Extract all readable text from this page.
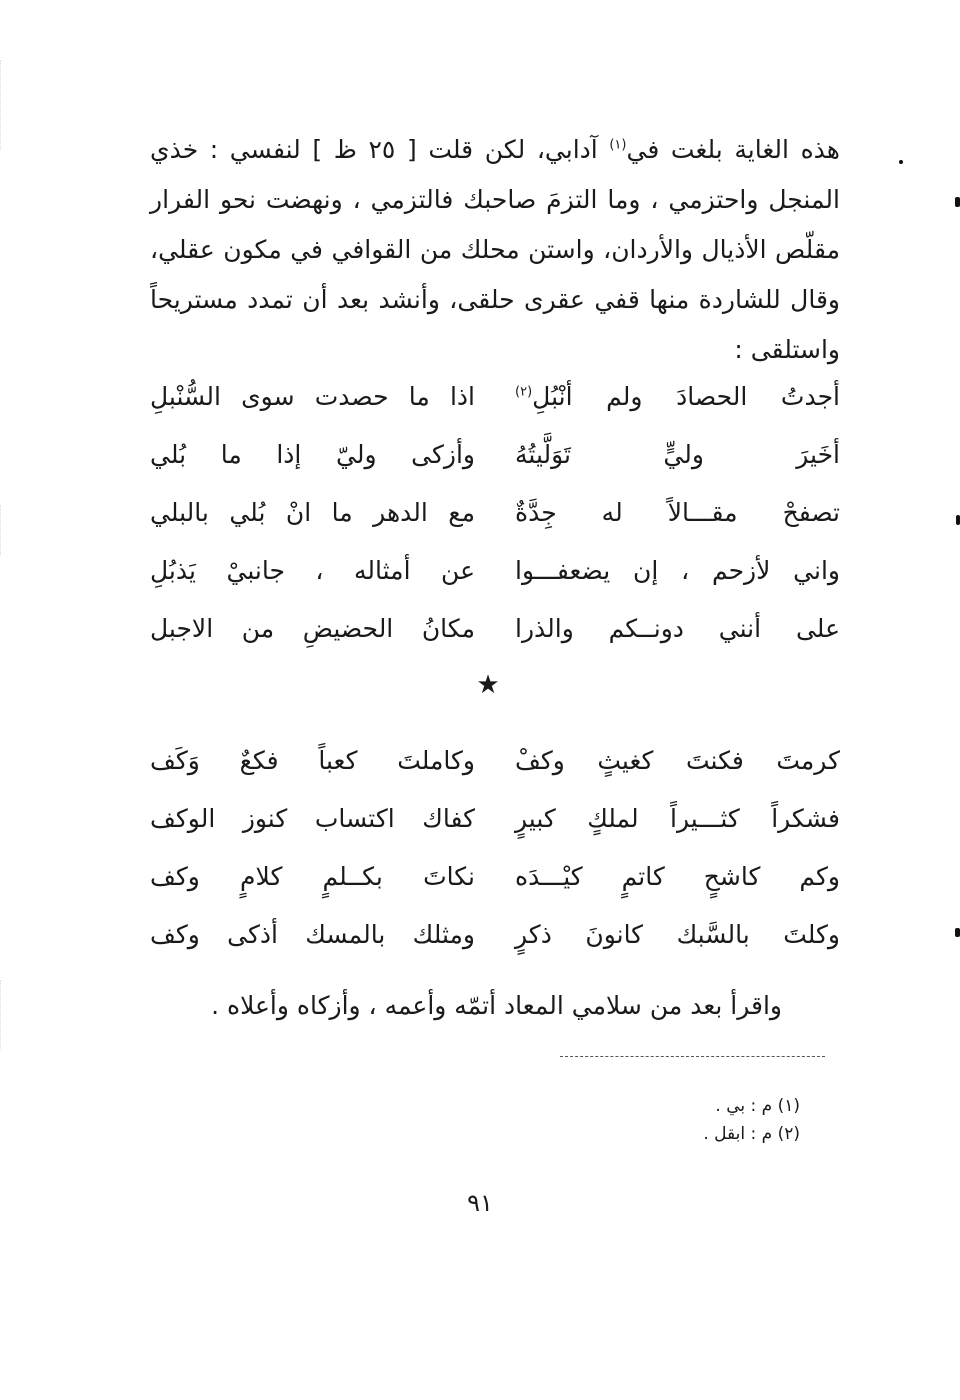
هذه الغاية بلغت في$^{(١)}$ آدابي، لكن قلت [ ٢٥ ظ ] لنفسي : خذي المنجل واحتزمي ، وما التزمَ صاحبك فالتزمي ، ونهضت نحو الفرار مقلّص الأذيال والأردان، واستن محلك من القوافي في مكون عقلي، وقال للشاردة منها قفي عقرى حلقى، وأنشد بعد أن تمدد مستريحاً واستلقى :

أجدتُ الحصادَ ولم أنْبُلِ$^{(٢)}$
اذا ما حصدت سوى السُّنْبلِ
أخَيرَ وليٍّ تَوَلَّيتُهُ
وأزكى وليّ إذا ما بُلي
تصفحْ مقـــالاً له جِدَّةٌ
مع الدهر ما انْ بُلي بالبلي
واني لأزحم ، إن يضعفـــوا
عن أمثاله ، جانبيْ يَذبُلِ
على أنني دونــكم والذرا
مكانُ الحضيضِ من الاجبل
★
كرمتَ فكنتَ كغيثٍ وكفْ
وكاملتَ كعباً فكعٌ وَكَف
فشكراً كثـــيراً لملكٍ كبيرٍ
كفاك اكتساب كنوز الوكف
وكم كاشحٍ كاتمٍ كيْـــدَه
نكاتَ بكــلمٍ كلامٍ وكف
وكلتَ بالسَّبك كانونَ ذكرٍ
ومثلك بالمسك أذكى وكف
واقرأ بعد من سلامي المعاد أتمّه وأعمه ، وأزكاه وأعلاه .

(١) م : بي .

(٢) م : ابقل .

٩١
